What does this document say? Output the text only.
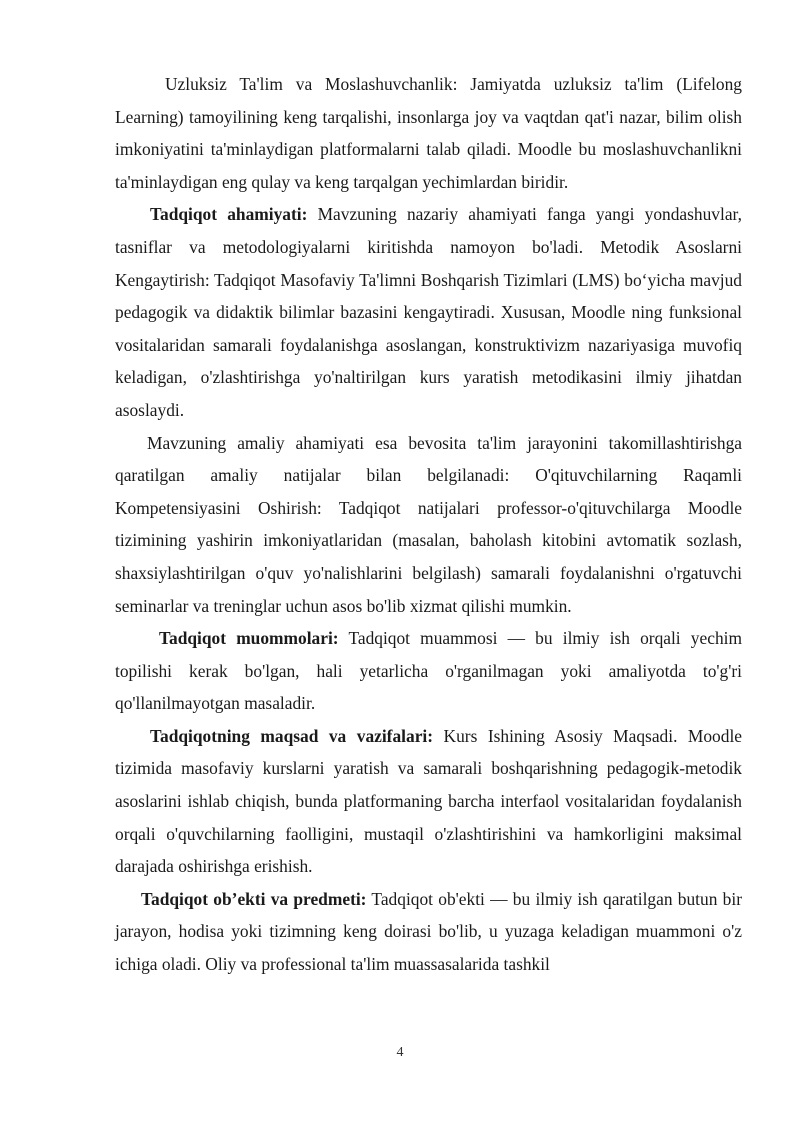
Uzluksiz Ta'lim va Moslashuvchanlik: Jamiyatda uzluksiz ta'lim (Lifelong Learning) tamoyilining keng tarqalishi, insonlarga joy va vaqtdan qat'i nazar, bilim olish imkoniyatini ta'minlaydigan platformalarni talab qiladi. Moodle bu moslashuvchanlikni ta'minlaydigan eng qulay va keng tarqalgan yechimlardan biridir.

Tadqiqot ahamiyati: Mavzuning nazariy ahamiyati fanga yangi yondashuvlar, tasniflar va metodologiyalarni kiritishda namoyon bo'ladi. Metodik Asoslarni Kengaytirish: Tadqiqot Masofaviy Ta'limni Boshqarish Tizimlari (LMS) bo‘yicha mavjud pedagogik va didaktik bilimlar bazasini kengaytiradi. Xususan, Moodle ning funksional vositalaridan samarali foydalanishga asoslangan, konstruktivizm nazariyasiga muvofiq keladigan, o'zlashtirishga yo'naltirilgan kurs yaratish metodikasini ilmiy jihatdan asoslaydi.

Mavzuning amaliy ahamiyati esa bevosita ta'lim jarayonini takomillashtirishga qaratilgan amaliy natijalar bilan belgilanadi: O'qituvchilarning Raqamli Kompetensiyasini Oshirish: Tadqiqot natijalari professor-o'qituvchilarga Moodle tizimining yashirin imkoniyatlaridan (masalan, baholash kitobini avtomatik sozlash, shaxsiylashtirilgan o'quv yo'nalishlarini belgilash) samarali foydalanishni o'rgatuvchi seminarlar va treninglar uchun asos bo'lib xizmat qilishi mumkin.

Tadqiqot muommolari: Tadqiqot muammosi — bu ilmiy ish orqali yechim topilishi kerak bo'lgan, hali yetarlicha o'rganilmagan yoki amaliyotda to'g'ri qo'llanilmayotgan masaladir.

Tadqiqotning maqsad va vazifalari: Kurs Ishining Asosiy Maqsadi. Moodle tizimida masofaviy kurslarni yaratish va samarali boshqarishning pedagogik-metodik asoslarini ishlab chiqish, bunda platformaning barcha interfaol vositalaridan foydalanish orqali o'quvchilarning faolligini, mustaqil o'zlashtirishini va hamkorligini maksimal darajada oshirishga erishish.

Tadqiqot ob’ekti va predmeti: Tadqiqot ob'ekti — bu ilmiy ish qaratilgan butun bir jarayon, hodisa yoki tizimning keng doirasi bo'lib, u yuzaga keladigan muammoni o'z ichiga oladi. Oliy va professional ta'lim muassasalarida tashkil

4
